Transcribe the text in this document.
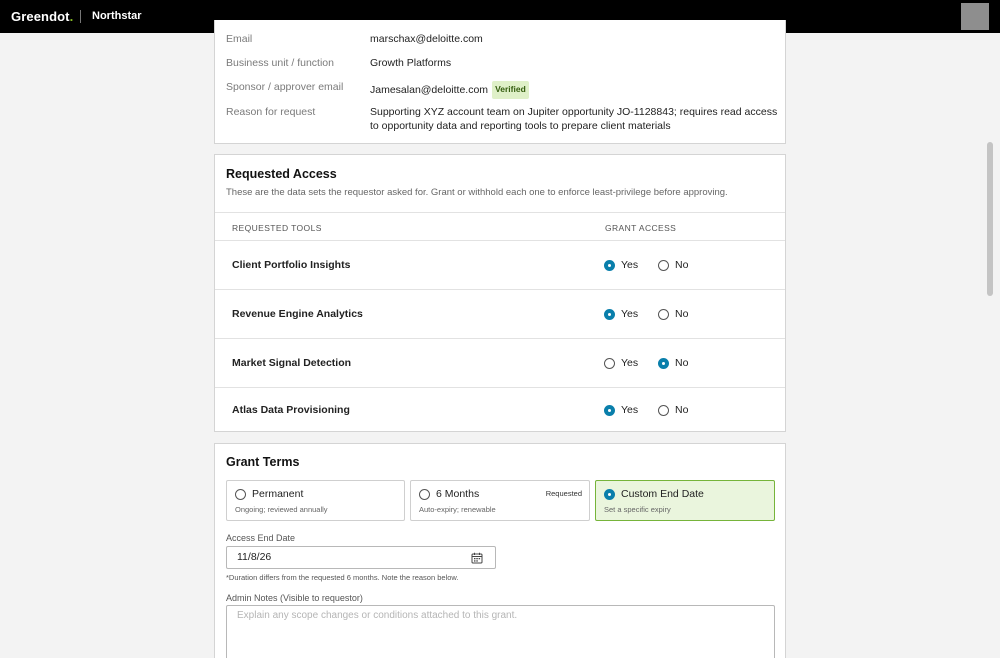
Greendot. Northstar
Email	marschax@deloitte.com
Business unit / function	Growth Platforms
Sponsor / approver email	Jamesalan@deloitte.com Verified
Reason for request	Supporting XYZ account team on Jupiter opportunity JO-1128843; requires read access to opportunity data and reporting tools to prepare client materials
Requested Access
These are the data sets the requestor asked for. Grant or withhold each one to enforce least-privilege before approving.
REQUESTED TOOLS	GRANT ACCESS
Client Portfolio Insights	Yes	No
Revenue Engine Analytics	Yes	No
Market Signal Detection	Yes	No
Atlas Data Provisioning	Yes	No
Grant Terms
Permanent
Ongoing; reviewed annually
6 Months	Requested
Auto-expiry; renewable
Custom End Date
Set a specific expiry
Access End Date
11/8/26
*Duration differs from the requested 6 months. Note the reason below.
Admin Notes (Visible to requestor)
Explain any scope changes or conditions attached to this grant.
